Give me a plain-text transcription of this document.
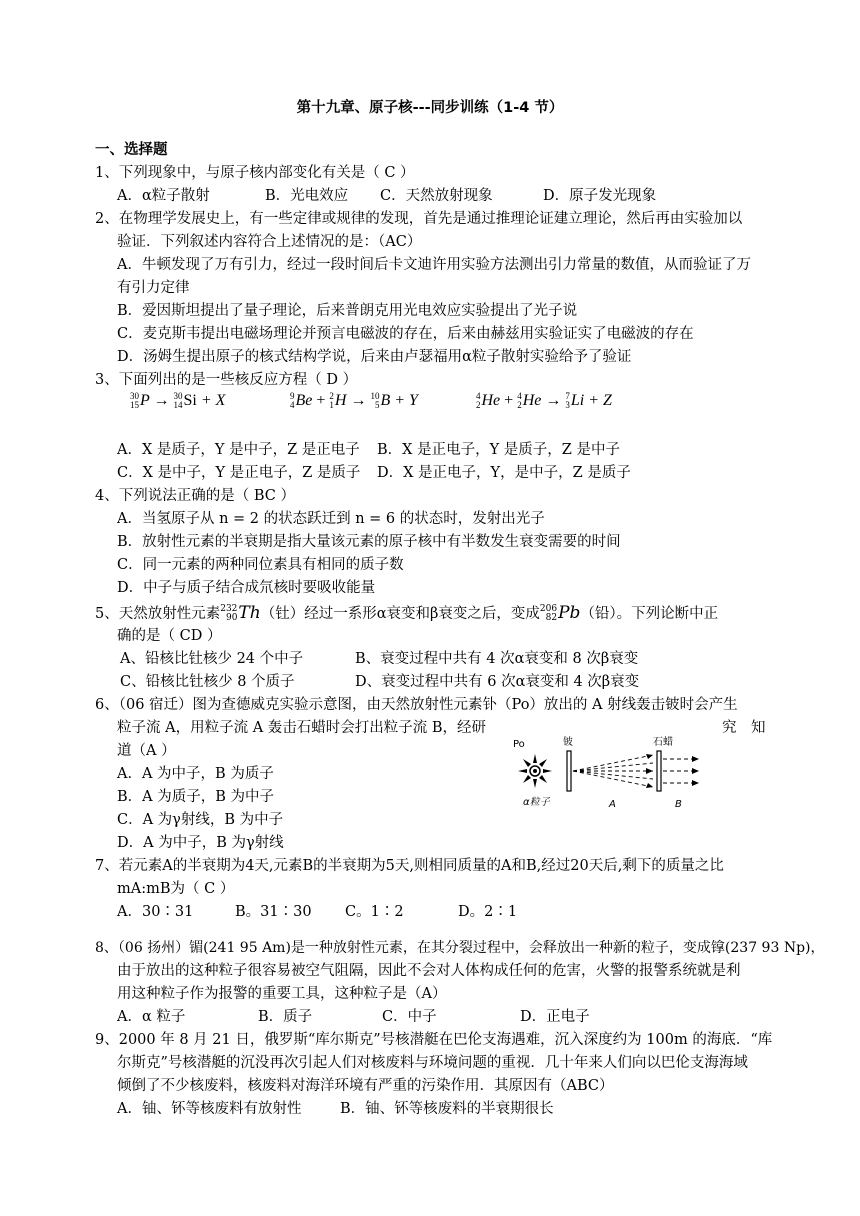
第十九章、原子核---同步训练（1-4 节）
一、选择题
1、下列现象中，与原子核内部变化有关是（ C ）
A．α粒子散射	B．光电效应 C．天然放射现象	D．原子发光现象
2、在物理学发展史上，有一些定律或规律的发现，首先是通过推理论证建立理论，然后再由实验加以
验证．下列叙述内容符合上述情况的是：（AC）
A．牛顿发现了万有引力，经过一段时间后卡文迪许用实验方法测出引力常量的数值，从而验证了万
有引力定律
B．爱因斯坦提出了量子理论，后来普朗克用光电效应实验提出了光子说
C．麦克斯韦提出电磁场理论并预言电磁波的存在，后来由赫兹用实验证实了电磁波的存在
D．汤姆生提出原子的核式结构学说，后来由卢瑟福用α粒子散射实验给予了验证
3、下面列出的是一些核反应方程（ D ）
30
15 P → 30
14 Si + X	9
4 Be + 2
1 H → 10
5 B + Y	4
2 He + 4
2 He → 7
3 Li + Z
A．X 是质子，Y 是中子，Z 是正电子 B．X 是正电子，Y 是质子，Z 是中子
C．X 是中子，Y 是正电子，Z 是质子 D．X 是正电子，Y，是中子，Z 是质子
4、下列说法正确的是（ BC ）
A．当氢原子从 n = 2 的状态跃迁到 n = 6 的状态时，发射出光子
B．放射性元素的半衰期是指大量该元素的原子核中有半数发生衰变需要的时间
C．同一元素的两种同位素具有相同的质子数
D．中子与质子结合成氘核时要吸收能量
5、天然放射性元素 232
90 Th（钍）经过一系形α衰变和β衰变之后，变成 206
82 Pb（铅）。下列论断中正
确的是（ CD ）
A、铅核比钍核少 24 个中子	B、衰变过程中共有 4 次α衰变和 8 次β衰变
C、铅核比钍核少 8 个质子	D、衰变过程中共有 6 次α衰变和 4 次β衰变
6、（06 宿迁）图为查德威克实验示意图，由天然放射性元素钋（Po）放出的 A 射线轰击铍时会产生
粒子流 A，用粒子流 A 轰击石蜡时会打出粒子流 B，经研	究　知
道（A ）
A．A 为中子，B 为质子
B．A 为质子，B 为中子
C．A 为γ射线，B 为中子
D．A 为中子，B 为γ射线
Po	铍	石蜡
α粒子	A	B
7、若元素A的半衰期为4天,元素B的半衰期为5天,则相同质量的A和B,经过20天后,剩下的质量之比
mA:mB为（ C ）
A．30∶31	B。31∶30 C。1∶2	D。2∶1
8、（06 扬州）镅(241 95 Am)是一种放射性元素，在其分裂过程中，会释放出一种新的粒子，变成镎(237 93 Np)，
由于放出的这种粒子很容易被空气阻隔，因此不会对人体构成任何的危害，火警的报警系统就是利
用这种粒子作为报警的重要工具，这种粒子是（A）
A．α 粒子	B．质子	C．中子	D．正电子
9、2000 年 8 月 21 日，俄罗斯“库尔斯克”号核潜艇在巴伦支海遇难，沉入深度约为 100m 的海底．“库
尔斯克”号核潜艇的沉没再次引起人们对核废料与环境问题的重视．几十年来人们向以巴伦支海海域
倾倒了不少核废料，核废料对海洋环境有严重的污染作用．其原因有（ABC）
A．铀、钚等核废料有放射性	B．铀、钚等核废料的半衰期很长
